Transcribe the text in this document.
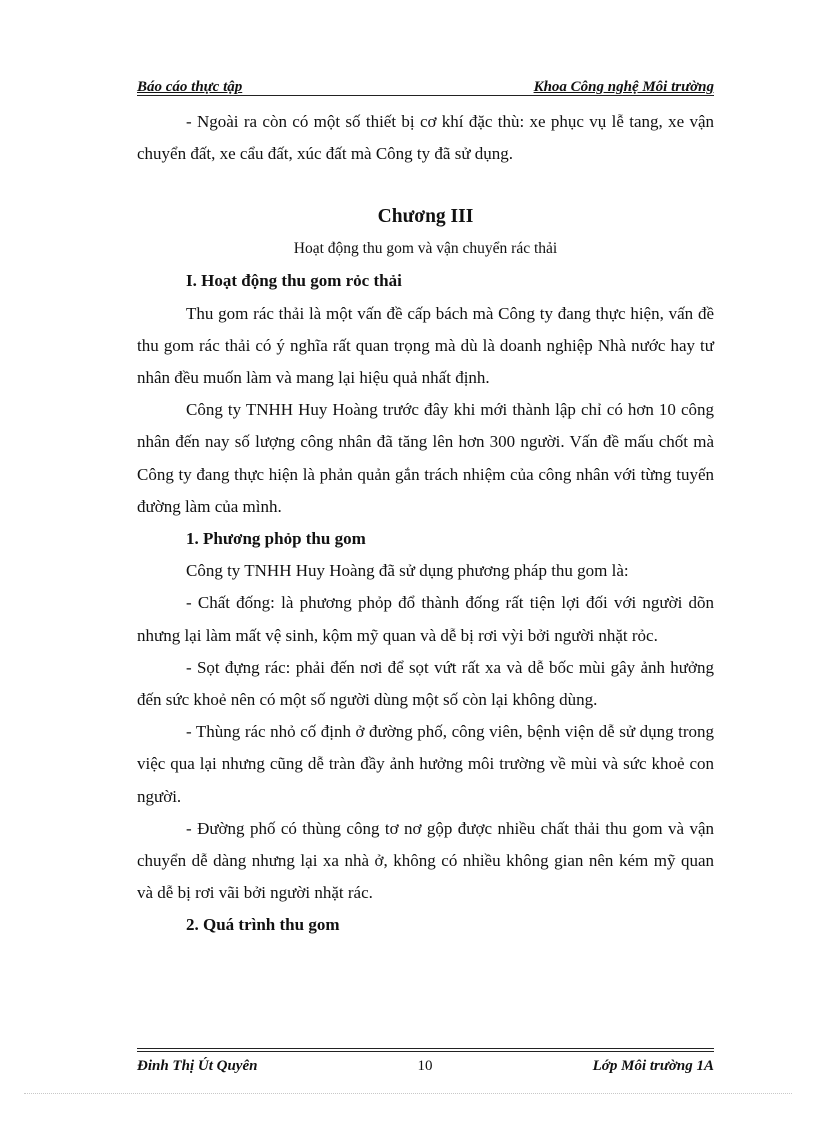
Báo cáo thực tập	Khoa Công nghệ Môi trường

- Ngoài ra còn có một số thiết bị cơ khí đặc thù: xe phục vụ lễ tang, xe vận chuyển đất, xe cẩu đất, xúc đất mà Công ty đã sử dụng.

Chương III
Hoạt động thu gom và vận chuyển rác thải

I. Hoạt động thu gom rỏc thải

Thu gom rác thải là một vấn đề cấp bách mà Công ty đang thực hiện, vấn đề thu gom rác thải có ý nghĩa rất quan trọng mà dù là doanh nghiệp Nhà nước hay tư nhân đều muốn làm và mang lại hiệu quả nhất định.

Công ty TNHH Huy Hoàng trước đây khi mới thành lập chỉ có hơn 10 công nhân đến nay số lượng công nhân đã tăng lên hơn 300 người. Vấn đề mấu chốt mà Công ty đang thực hiện là phản quản gắn trách nhiệm của công nhân với từng tuyến đường làm của mình.

1. Phương phỏp thu gom

Công ty TNHH Huy Hoàng đã sử dụng phương pháp thu gom là:

- Chất đống: là phương phỏp đổ thành đống rất tiện lợi đối với người dõn nhưng lại làm mất vệ sinh, kộm mỹ quan và dễ bị rơi vỳi bởi người nhặt rỏc.

- Sọt đựng rác: phải đến nơi để sọt vứt rất xa và dễ bốc mùi gây ảnh hưởng đến sức khoẻ nên có một số người dùng một số còn lại không dùng.

- Thùng rác nhỏ cố định ở đường phố, công viên, bệnh viện dễ sử dụng trong việc qua lại nhưng cũng dễ tràn đầy ảnh hưởng môi trường về mùi và sức khoẻ con người.

- Đường phố có thùng công tơ nơ gộp được nhiều chất thải thu gom và vận chuyển dễ dàng nhưng lại xa nhà ở, không có nhiều không gian nên kém mỹ quan và dễ bị rơi vãi bởi người nhặt rác.

2. Quá trình thu gom

Đinh Thị Út Quyên	10	Lớp Môi trường 1A
